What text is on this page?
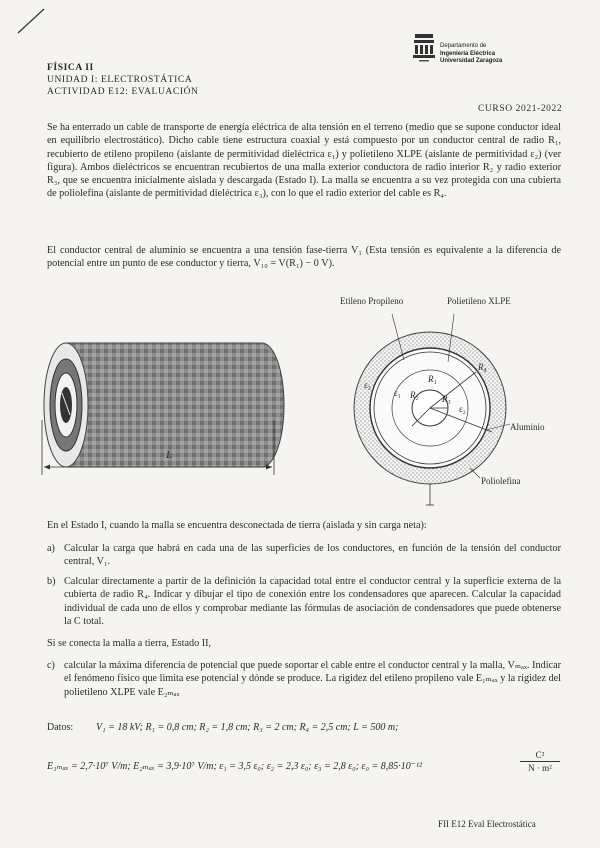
FÍSICA II
UNIDAD I: ELECTROSTÁTICA
ACTIVIDAD E12: EVALUACIÓN
Departamento de
Ingeniería Eléctrica
Universidad Zaragoza
CURSO 2021-2022
Se ha enterrado un cable de transporte de energía eléctrica de alta tensión en el terreno (medio que se supone conductor ideal en equilibrio electrostático). Dicho cable tiene estructura coaxial y está compuesto por un conductor central de radio R₁, recubierto de etileno propileno (aislante de permitividad dieléctrica ε₁) y polietileno XLPE (aislante de permitividad ε₂) (ver figura). Ambos dieléctricos se encuentran recubiertos de una malla exterior conductora de radio interior R₂ y radio exterior R₃, que se encuentra inicialmente aislada y descargada (Estado I). La malla se encuentra a su vez protegida con una cubierta de poliolefina (aislante de permitividad dieléctrica ε₃), con lo que el radio exterior del cable es R₄.
El conductor central de aluminio se encuentra a una tensión fase-tierra V₁ (Esta tensión es equivalente a la diferencia de potencial entre un punto de ese conductor y tierra, V₁₀ = V(R₁) − 0 V).
L
Etileno Propileno	Polietileno XLPE
Aluminio
Poliolefina
R₁
R₂	R₃
R₄
ε₁
ε₂
ε₃
En el Estado I, cuando la malla se encuentra desconectada de tierra (aislada y sin carga neta):
a) Calcular la carga que habrá en cada una de las superficies de los conductores, en función de la tensión del conductor central, V₁.
b) Calcular directamente a partir de la definición la capacidad total entre el conductor central y la superficie externa de la cubierta de radio R₄. Indicar y dibujar el tipo de conexión entre los condensadores que aparecen. Calcular la capacidad individual de cada uno de ellos y comprobar mediante las fórmulas de asociación de condensadores que puede obtenerse la C total.
Si se conecta la malla a tierra, Estado II,
c) calcular la máxima diferencia de potencial que puede soportar el cable entre el conductor central y la malla, Vₘₐₓ. Indicar el fenómeno físico que limita ese potencial y dónde se produce. La rigidez del etileno propileno vale E₁ₘₐₓ y la rigidez del polietileno XLPE vale E₂ₘₐₓ
Datos: V₁ = 18 kV; R₁ = 0,8 cm; R₂ = 1,8 cm; R₃ = 2 cm; R₄ = 2,5 cm; L = 500 m;
E₁ₘₐₓ = 2,7·10⁷ V/m; E₂ₘₐₓ = 3,9·10⁷ V/m; ε₁ = 3,5 ε₀; ε₂ = 2,3 ε₀; ε₃ = 2,8 ε₀; ε₀ = 8,85·10⁻¹²	$\frac{\text{C²}}{\text{N · m²}}$
FII E12 Eval Electrostática
